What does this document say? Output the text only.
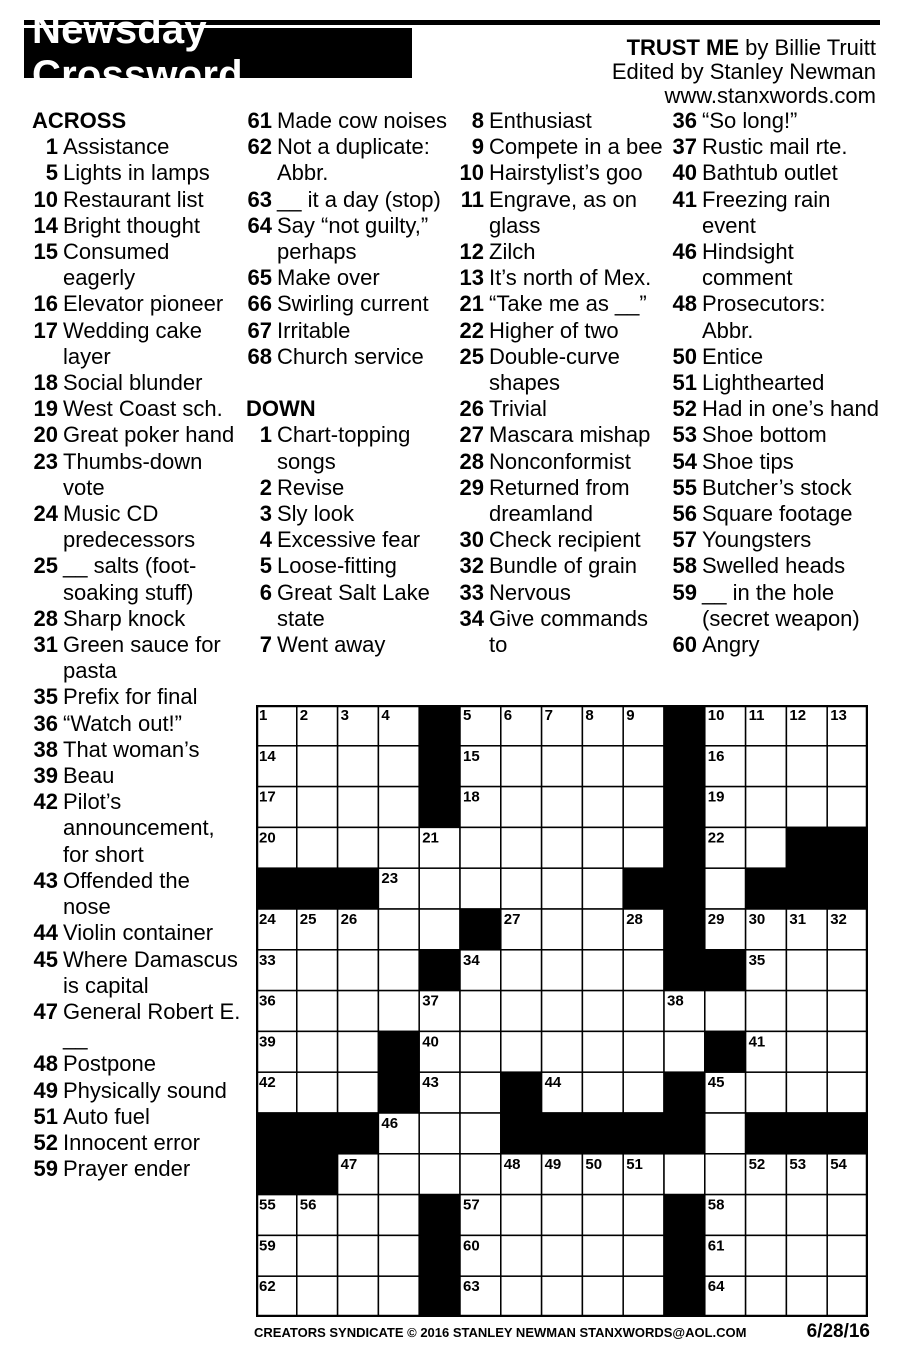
Newsday Crossword
TRUST ME by Billie Truitt
Edited by Stanley Newman
www.stanxwords.com
ACROSS
1 Assistance
5 Lights in lamps
10 Restaurant list
14 Bright thought
15 Consumed eagerly
16 Elevator pioneer
17 Wedding cake layer
18 Social blunder
19 West Coast sch.
20 Great poker hand
23 Thumbs-down vote
24 Music CD predecessors
25 __ salts (foot-soaking stuff)
28 Sharp knock
31 Green sauce for pasta
35 Prefix for final
36 “Watch out!”
38 That woman’s
39 Beau
42 Pilot’s announcement, for short
43 Offended the nose
44 Violin container
45 Where Damascus is capital
47 General Robert E. __
48 Postpone
49 Physically sound
51 Auto fuel
52 Innocent error
59 Prayer ender
61 Made cow noises
62 Not a duplicate: Abbr.
63 __ it a day (stop)
64 Say “not guilty,” perhaps
65 Make over
66 Swirling current
67 Irritable
68 Church service
DOWN
1 Chart-topping songs
2 Revise
3 Sly look
4 Excessive fear
5 Loose-fitting
6 Great Salt Lake state
7 Went away
8 Enthusiast
9 Compete in a bee
10 Hairstylist’s goo
11 Engrave, as on glass
12 Zilch
13 It’s north of Mex.
21 “Take me as __”
22 Higher of two
25 Double-curve shapes
26 Trivial
27 Mascara mishap
28 Nonconformist
29 Returned from dreamland
30 Check recipient
32 Bundle of grain
33 Nervous
34 Give commands to
36 “So long!”
37 Rustic mail rte.
40 Bathtub outlet
41 Freezing rain event
46 Hindsight comment
48 Prosecutors: Abbr.
50 Entice
51 Lighthearted
52 Had in one’s hand
53 Shoe bottom
54 Shoe tips
55 Butcher’s stock
56 Square footage
57 Youngsters
58 Swelled heads
59 __ in the hole (secret weapon)
60 Angry
1 2 3 4	5 6 7 8 9	10 11 12 13
14	15	16
17	18	19
20	21	22
23
24 25 26	27	28	29 30 31 32
33	34	35
36	37	38
39	40	41
42	43	44	45
46
47	48 49 50 51	52 53 54
55 56	57	58
59	60	61
62	63	64
CREATORS SYNDICATE © 2016 STANLEY NEWMAN STANXWORDS@AOL.COM	6/28/16
